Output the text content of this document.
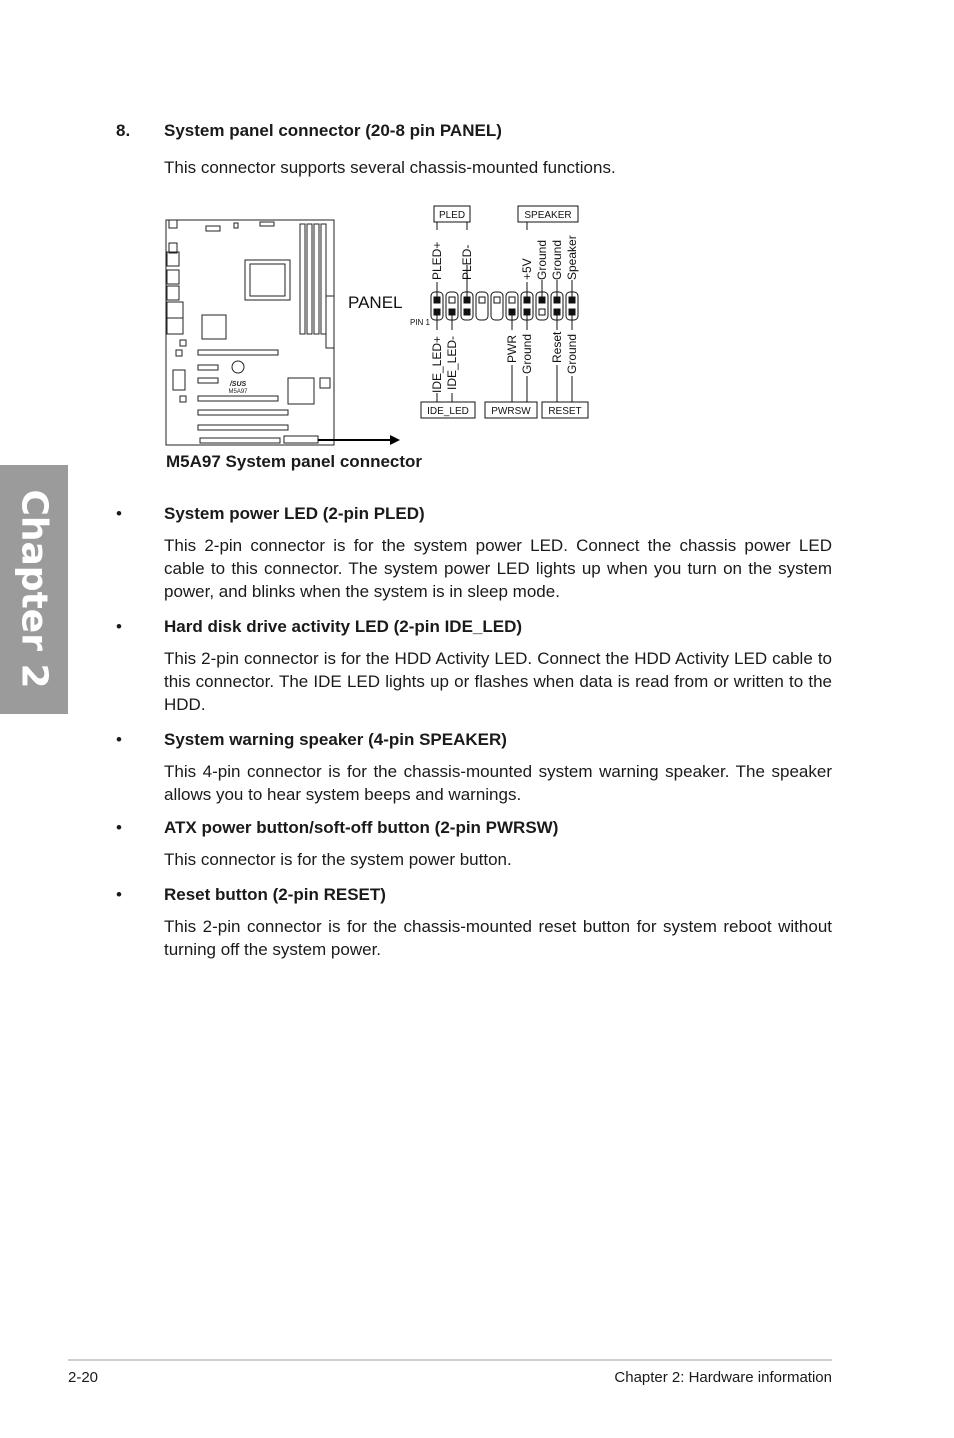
Chapter 2
8. System panel connector (20-8 pin PANEL)
This connector supports several chassis-mounted functions.
M5A97
/SUS
PANEL
PIN 1
PLED	SPEAKER
PLED+ PLED-	+5V Ground Ground Speaker
IDE_LED+ IDE_LED-	PWR Ground Reset Ground
IDE_LED PWRSW RESET
M5A97 System panel connector
• System power LED (2-pin PLED)
This 2-pin connector is for the system power LED. Connect the chassis power LED cable to this connector. The system power LED lights up when you turn on the system power, and blinks when the system is in sleep mode.
• Hard disk drive activity LED (2-pin IDE_LED)
This 2-pin connector is for the HDD Activity LED. Connect the HDD Activity LED cable to this connector. The IDE LED lights up or flashes when data is read from or written to the HDD.
• System warning speaker (4-pin SPEAKER)
This 4-pin connector is for the chassis-mounted system warning speaker. The speaker allows you to hear system beeps and warnings.
• ATX power button/soft-off button (2-pin PWRSW)
This connector is for the system power button.
• Reset button (2-pin RESET)
This 2-pin connector is for the chassis-mounted reset button for system reboot without turning off the system power.
2-20	Chapter 2: Hardware information
